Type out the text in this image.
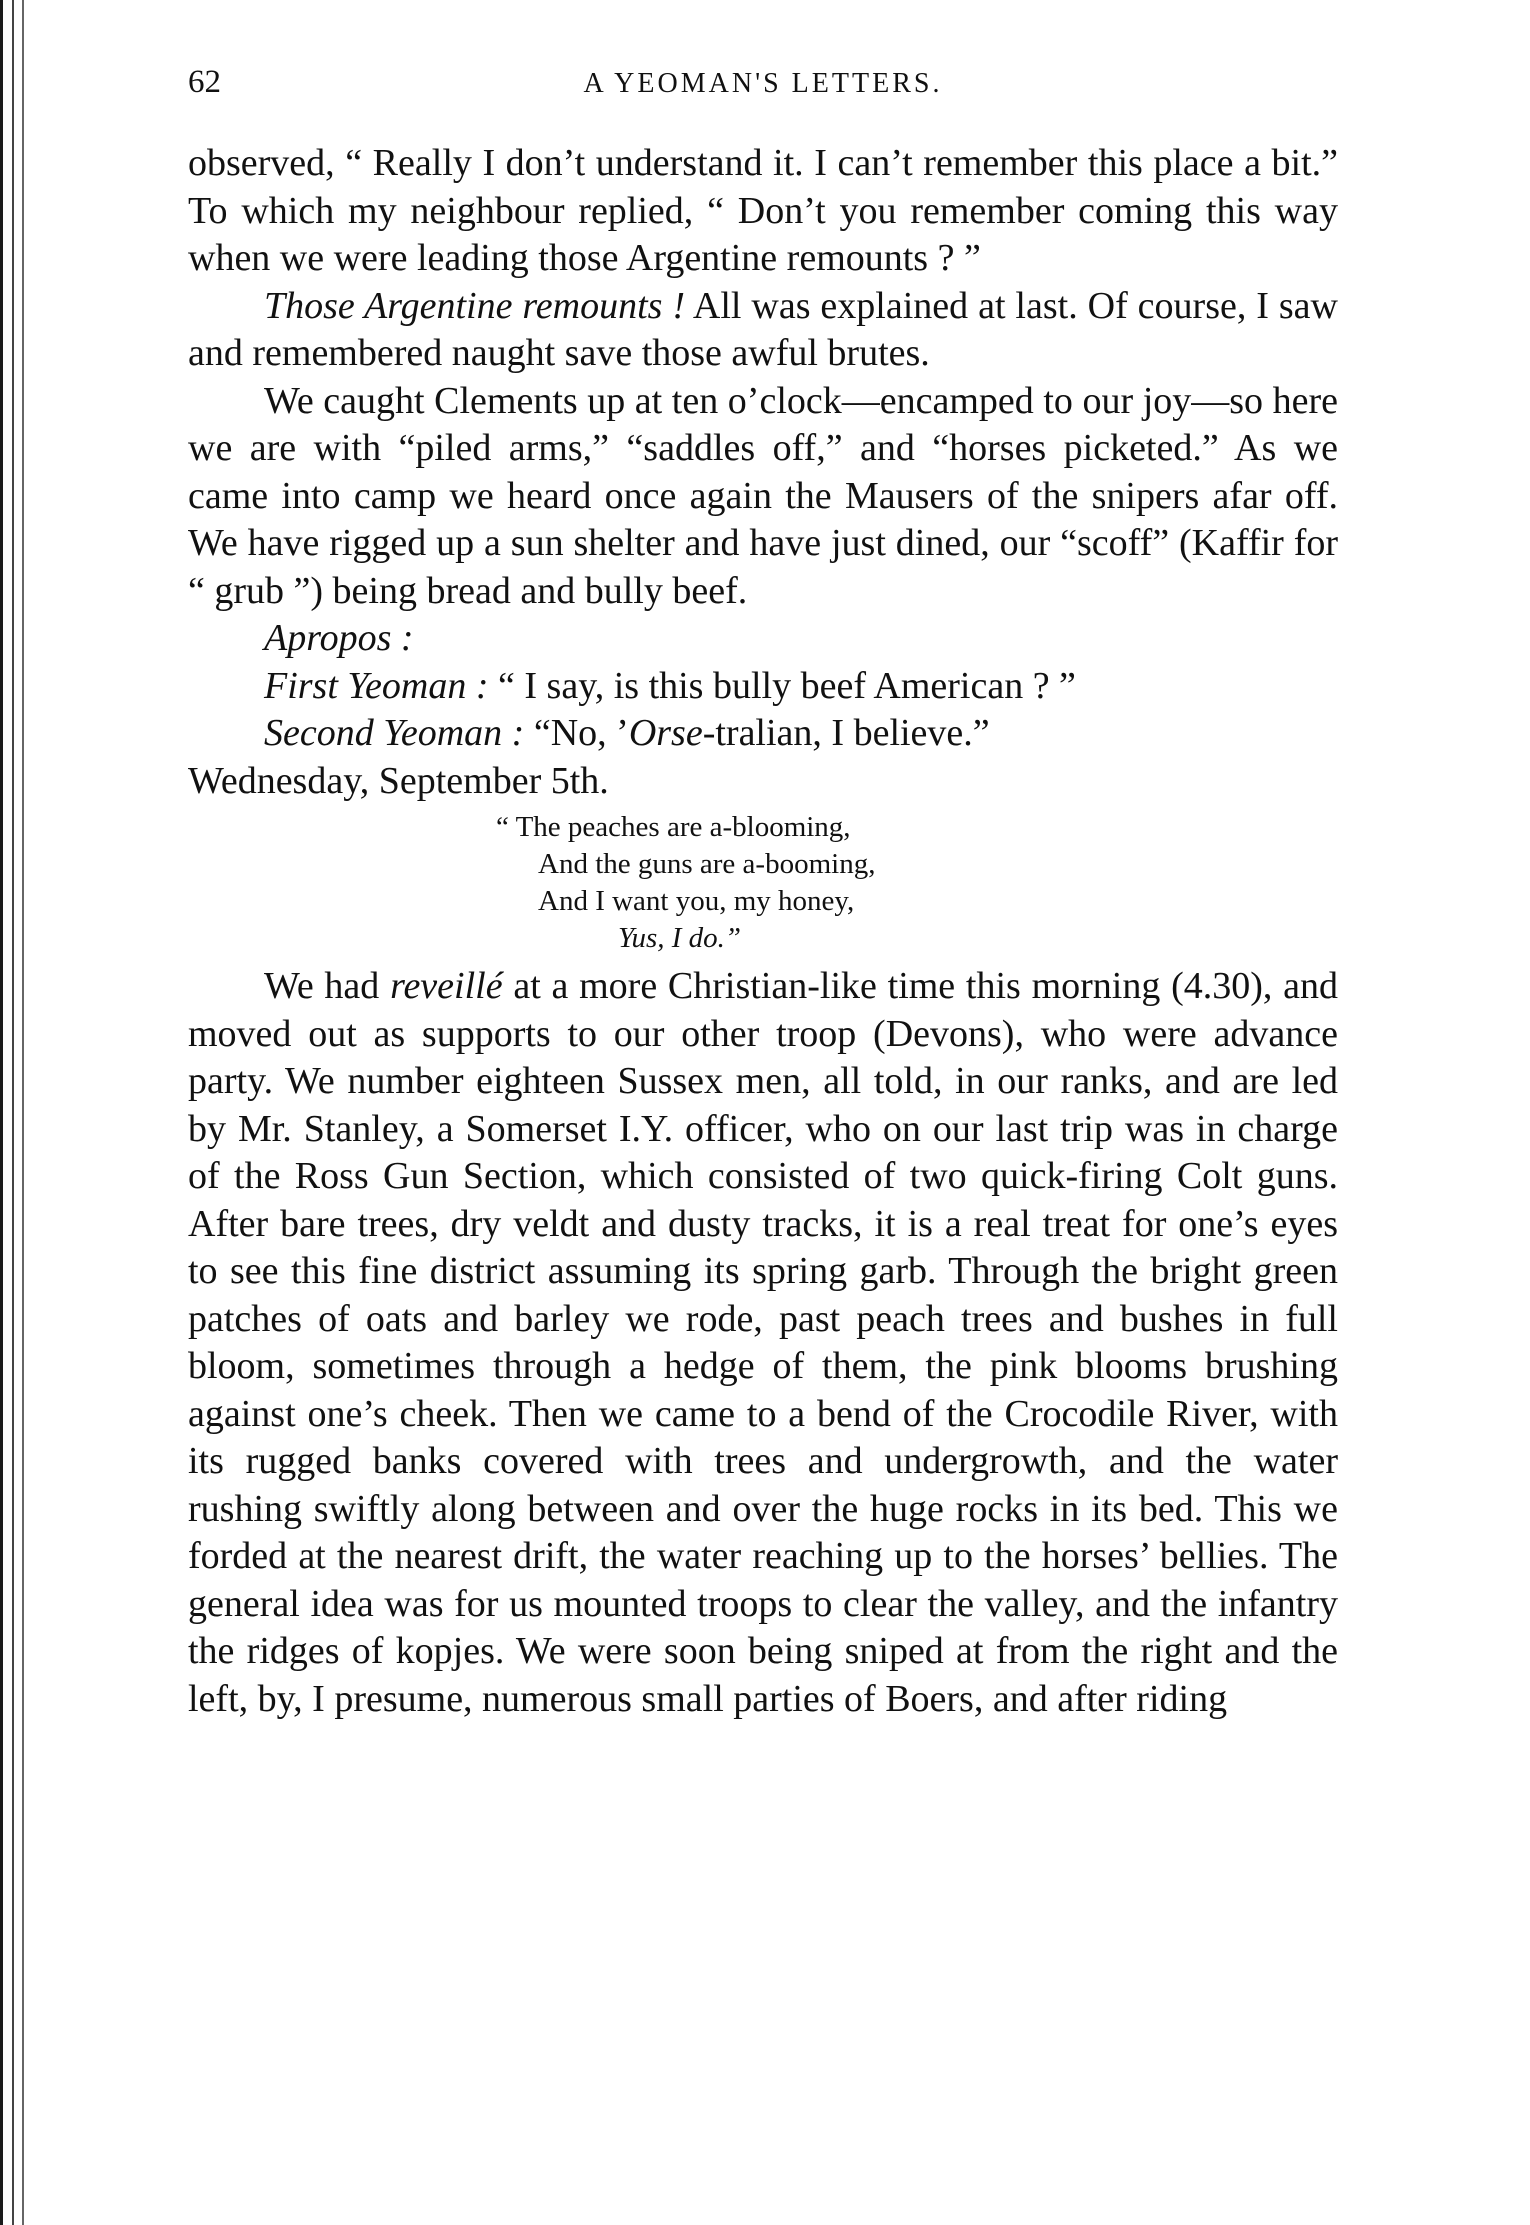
62	A YEOMAN'S LETTERS.

observed, “ Really I don’t understand it. I can’t remember this place a bit.” To which my neighbour replied, “ Don’t you remember coming this way when we were leading those Argentine remounts ? ”

Those Argentine remounts ! All was explained at last. Of course, I saw and remembered naught save those awful brutes.

We caught Clements up at ten o’clock—encamped to our joy—so here we are with “piled arms,” “saddles off,” and “horses picketed.” As we came into camp we heard once again the Mausers of the snipers afar off. We have rigged up a sun shelter and have just dined, our “scoff” (Kaffir for “ grub ”) being bread and bully beef.

Apropos :
First Yeoman : “ I say, is this bully beef American ? ”
Second Yeoman : “No, ’Orse-tralian, I believe.”

Wednesday, September 5th.

“ The peaches are a-blooming,
And the guns are a-booming,
And I want you, my honey,
Yus, I do.”

We had reveillé at a more Christian-like time this morning (4.30), and moved out as supports to our other troop (Devons), who were advance party. We number eighteen Sussex men, all told, in our ranks, and are led by Mr. Stanley, a Somerset I.Y. officer, who on our last trip was in charge of the Ross Gun Section, which consisted of two quick-firing Colt guns. After bare trees, dry veldt and dusty tracks, it is a real treat for one’s eyes to see this fine district assuming its spring garb. Through the bright green patches of oats and barley we rode, past peach trees and bushes in full bloom, sometimes through a hedge of them, the pink blooms brushing against one’s cheek. Then we came to a bend of the Crocodile River, with its rugged banks covered with trees and undergrowth, and the water rushing swiftly along between and over the huge rocks in its bed. This we forded at the nearest drift, the water reaching up to the horses’ bellies. The general idea was for us mounted troops to clear the valley, and the infantry the ridges of kopjes. We were soon being sniped at from the right and the left, by, I presume, numerous small parties of Boers, and after riding
